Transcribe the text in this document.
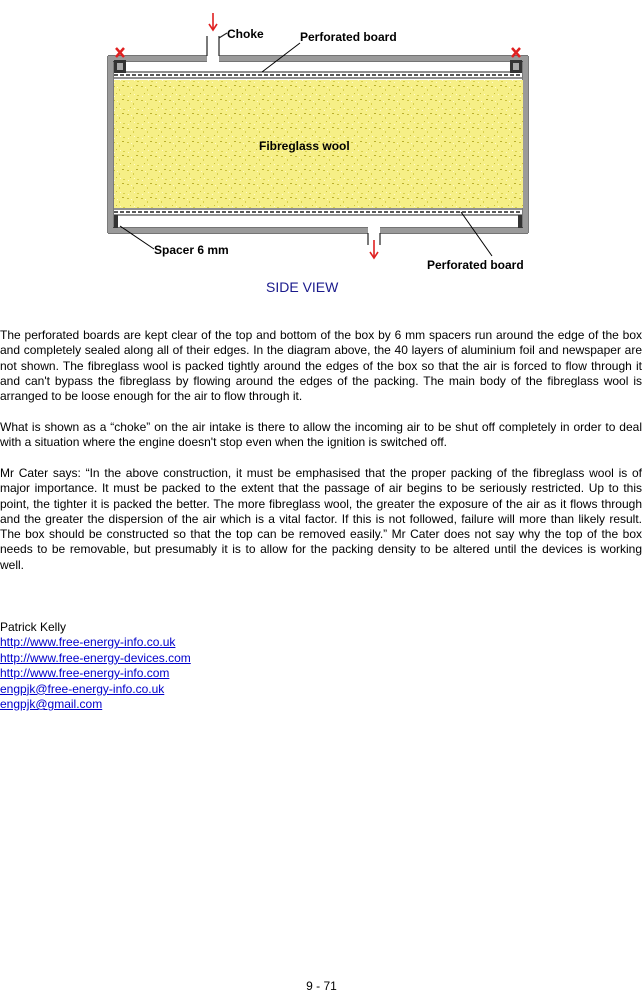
Choke	Perforated board
Fibreglass wool
Spacer 6 mm
Perforated board
SIDE VIEW

The perforated boards are kept clear of the top and bottom of the box by 6 mm spacers run around the edge of the box and completely sealed along all of their edges. In the diagram above, the 40 layers of aluminium foil and newspaper are not shown. The fibreglass wool is packed tightly around the edges of the box so that the air is forced to flow through it and can't bypass the fibreglass by flowing around the edges of the packing. The main body of the fibreglass wool is arranged to be loose enough for the air to flow through it.

What is shown as a “choke” on the air intake is there to allow the incoming air to be shut off completely in order to deal with a situation where the engine doesn't stop even when the ignition is switched off.

Mr Cater says: “In the above construction, it must be emphasised that the proper packing of the fibreglass wool is of major importance. It must be packed to the extent that the passage of air begins to be seriously restricted. Up to this point, the tighter it is packed the better. The more fibreglass wool, the greater the exposure of the air as it flows through and the greater the dispersion of the air which is a vital factor. If this is not followed, failure will more than likely result. The box should be constructed so that the top can be removed easily.” Mr Cater does not say why the top of the box needs to be removable, but presumably it is to allow for the packing density to be altered until the devices is working well.

Patrick Kelly
http://www.free-energy-info.co.uk
http://www.free-energy-devices.com
http://www.free-energy-info.com
engpjk@free-energy-info.co.uk
engpjk@gmail.com
9 - 71
